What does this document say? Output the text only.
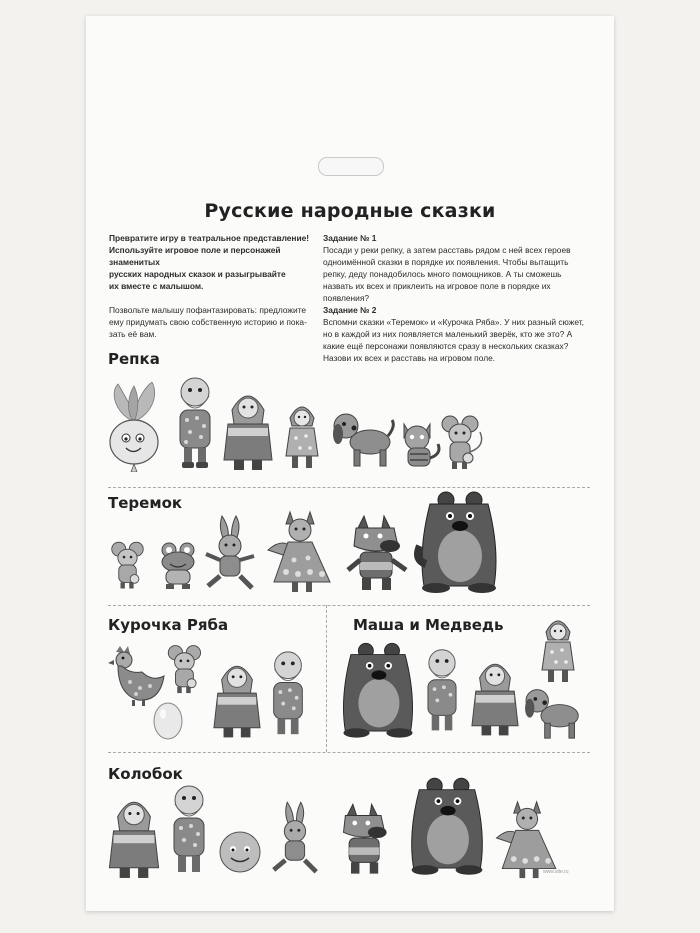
Русские народные сказки

Превратите игру в театральное представление!
Используйте игровое поле и персонажей знаменитых
русских народных сказок и разыгрывайте
их вместе с малышом.

Позвольте малышу пофантазировать: предложите
ему придумать свою собственную историю и пока-
зать её вам.

Задание № 1
Посади у реки репку, а затем расставь рядом с ней всех героев одноимённой сказки в порядке их появления. Чтобы вытащить репку, деду понадобилось много помощников. А ты сможешь назвать их всех и приклеить на игровое поле в порядке их появления?
Задание № 2
Вспомни сказки «Теремок» и «Курочка Ряба». У них разный сюжет, но в каждой из них появляется маленький зверёк, кто же это? А какие ещё персонажи появляются сразу в нескольких сказках? Назови их всех и расставь на игровом поле.
Репка
Теремок
Курочка Ряба	Маша и Медведь
Колобок
www.site.ru
